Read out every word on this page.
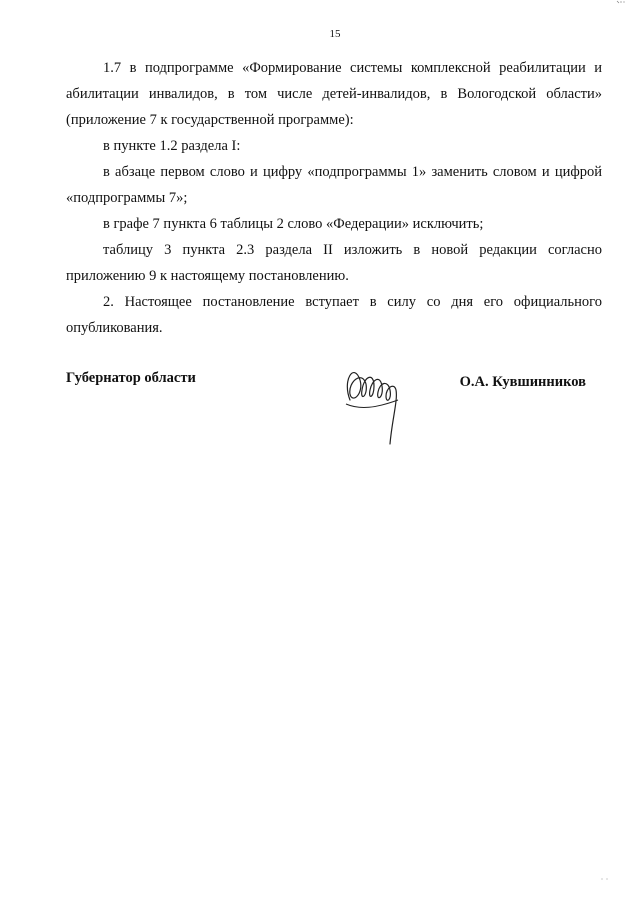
15

1.7 в подпрограмме «Формирование системы комплексной реабилитации и абилитации инвалидов, в том числе детей-инвалидов, в Вологодской области» (приложение 7 к государственной программе):

в пункте 1.2 раздела I:

в абзаце первом слово и цифру «подпрограммы 1» заменить словом и цифрой «подпрограммы 7»;

в графе 7 пункта 6 таблицы 2 слово «Федерации» исключить;

таблицу 3 пункта 2.3 раздела II изложить в новой редакции согласно приложению 9 к настоящему постановлению.

2. Настоящее постановление вступает в силу со дня его официального опубликования.

Губернатор области	О.А. Кувшинников
